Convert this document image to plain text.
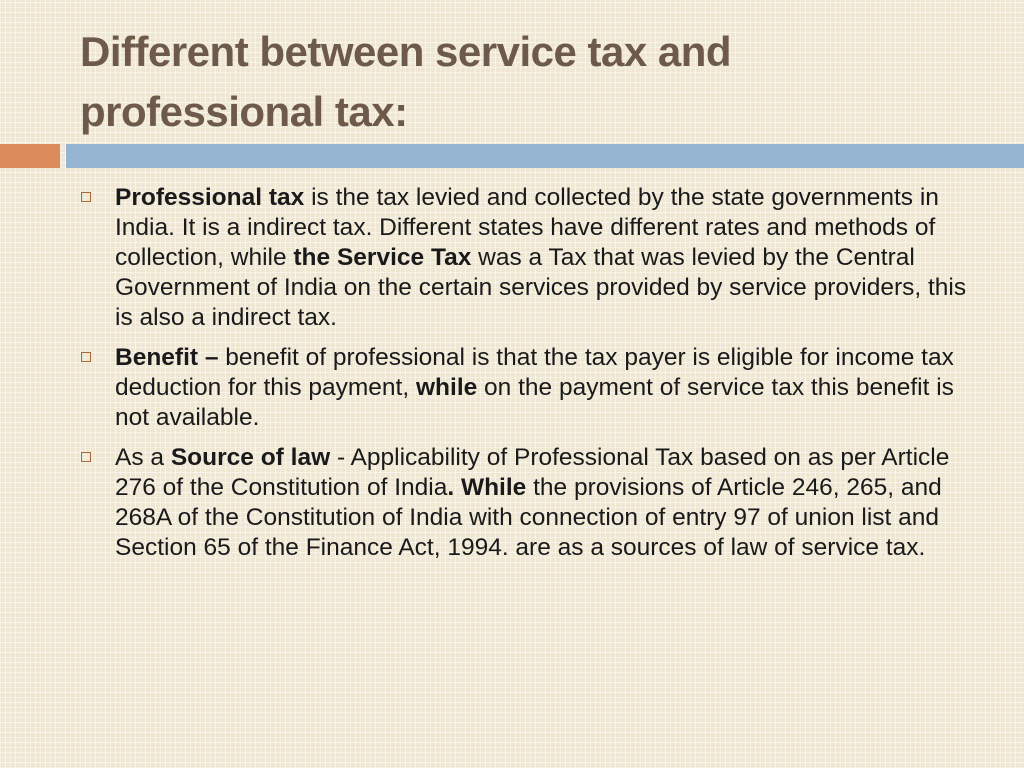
Different between service tax and
professional tax:
Professional tax is the tax levied and collected by the state governments in India. It is a indirect tax. Different states have different rates and methods of collection, while the Service Tax was a Tax that was levied by the Central Government of India on the certain services provided by service providers, this is also a indirect tax.
Benefit – benefit of professional is that the tax payer is eligible for income tax deduction for this payment, while on the payment of service tax this benefit is not available.
As a Source of law - Applicability of Professional Tax based on as per Article 276 of the Constitution of India. While the provisions of Article 246, 265, and 268A of the Constitution of India with connection of entry 97 of union list and Section 65 of the Finance Act, 1994. are as a sources of law of service tax.
